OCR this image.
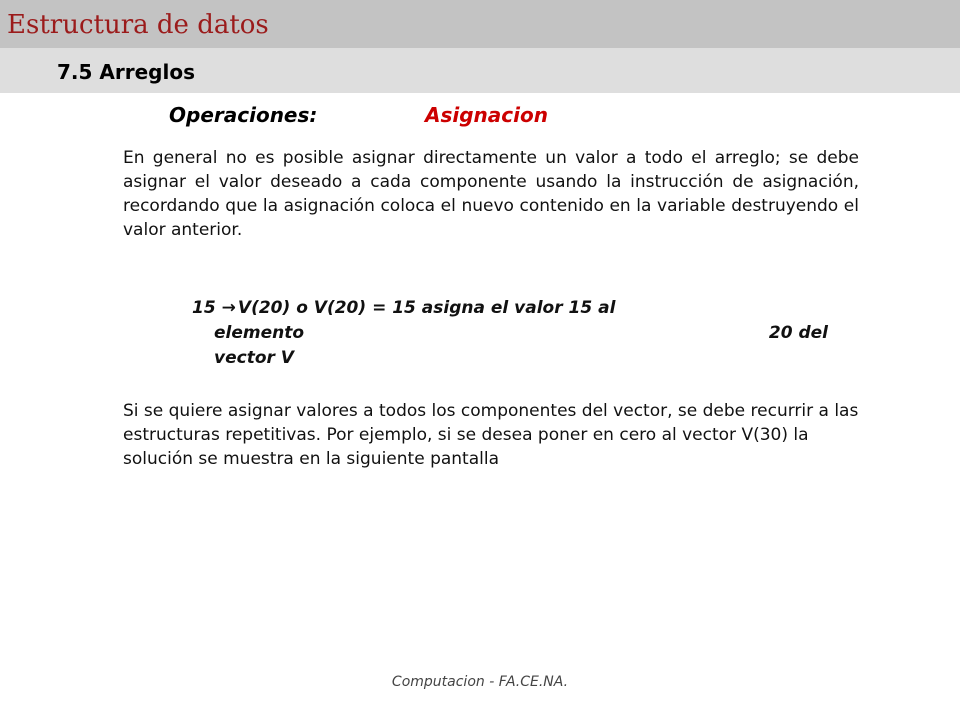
Estructura de datos
7.5 Arreglos
Operaciones:	Asignacion
En general no es posible asignar directamente un valor a todo el arreglo; se debe asignar el valor deseado a cada componente usando la instrucción de asignación, recordando que la asignación coloca el nuevo contenido en la variable destruyendo el valor anterior.
15 → V(20) o V(20) = 15 asigna el valor 15 al
elemento	20 del
vector V
Si se quiere asignar valores a todos los componentes del vector, se debe recurrir a las estructuras repetitivas. Por ejemplo, si se desea poner en cero al vector V(30) la solución se muestra en la siguiente pantalla
Computacion - FA.CE.NA.
